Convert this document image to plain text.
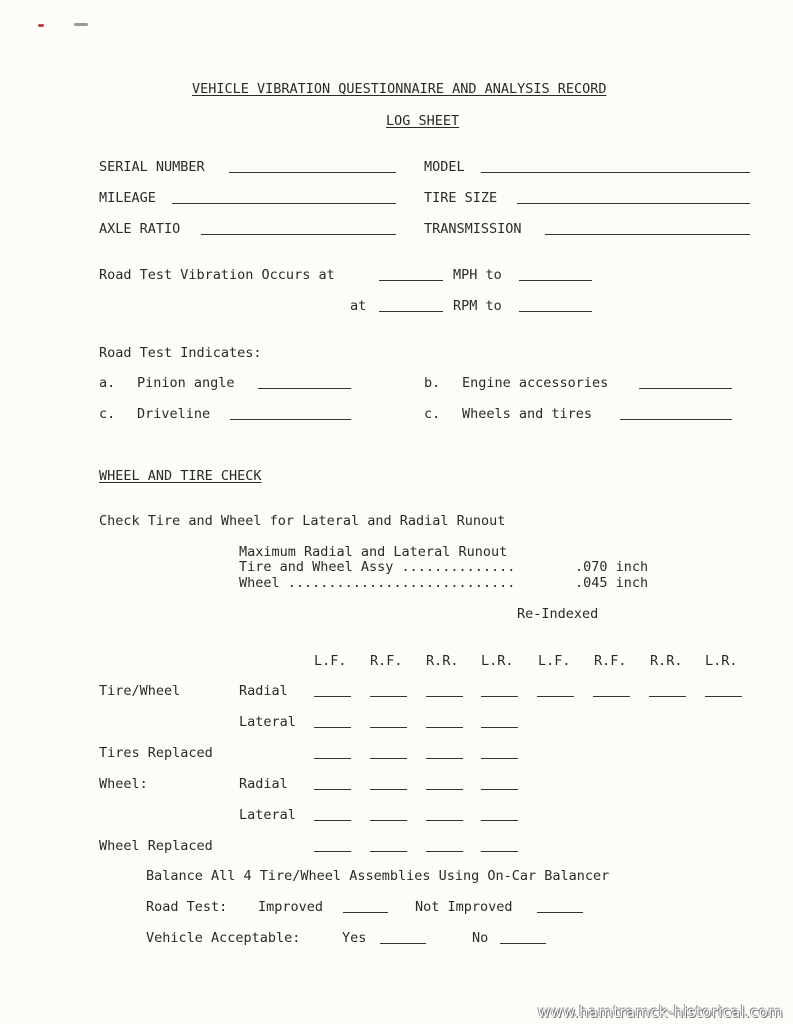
VEHICLE VIBRATION QUESTIONNAIRE AND ANALYSIS RECORD
LOG SHEET
SERIAL NUMBER	MODEL
MILEAGE	TIRE SIZE
AXLE RATIO	TRANSMISSION
Road Test Vibration Occurs at	MPH to
at	RPM to
Road Test Indicates:
a. Pinion angle	b. Engine accessories
c. Driveline	c. Wheels and tires
WHEEL AND TIRE CHECK
Check Tire and Wheel for Lateral and Radial Runout
Maximum Radial and Lateral Runout
Tire and Wheel Assy ..............	.070 inch
Wheel ............................	.045 inch
Re-Indexed
L.F. R.F. R.R. L.R. L.F. R.F. R.R. L.R.
Tire/Wheel	Radial
Lateral
Tires Replaced
Wheel:	Radial
Lateral
Wheel Replaced
Balance All 4 Tire/Wheel Assemblies Using On-Car Balancer
Road Test: Improved	Not Improved
Vehicle Acceptable:	Yes	No
www.hamtramck-historical.com
